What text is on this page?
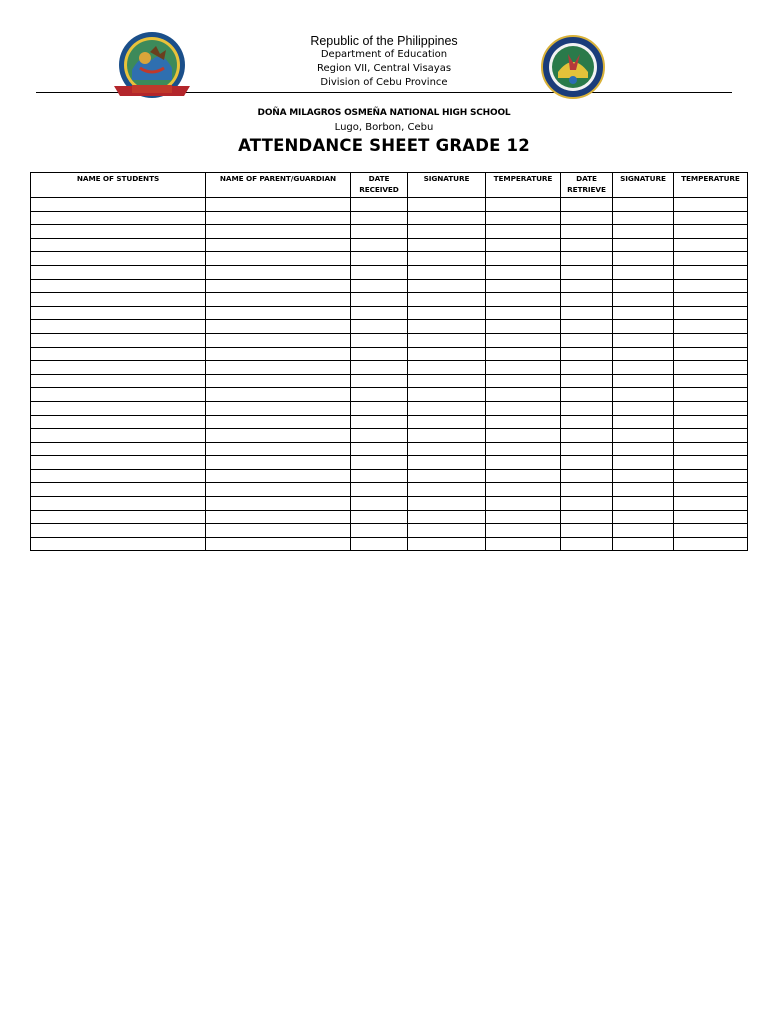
Republic of the Philippines
Department of Education
Region VII, Central Visayas
Division of Cebu Province
DOÑA MILAGROS OSMEÑA NATIONAL HIGH SCHOOL
Lugo, Borbon, Cebu
ATTENDANCE SHEET GRADE 12
NAME OF STUDENTS	NAME OF PARENT/GUARDIAN	DATE RECEIVED	SIGNATURE	TEMPERATURE	DATE RETRIEVE	SIGNATURE	TEMPERATURE
